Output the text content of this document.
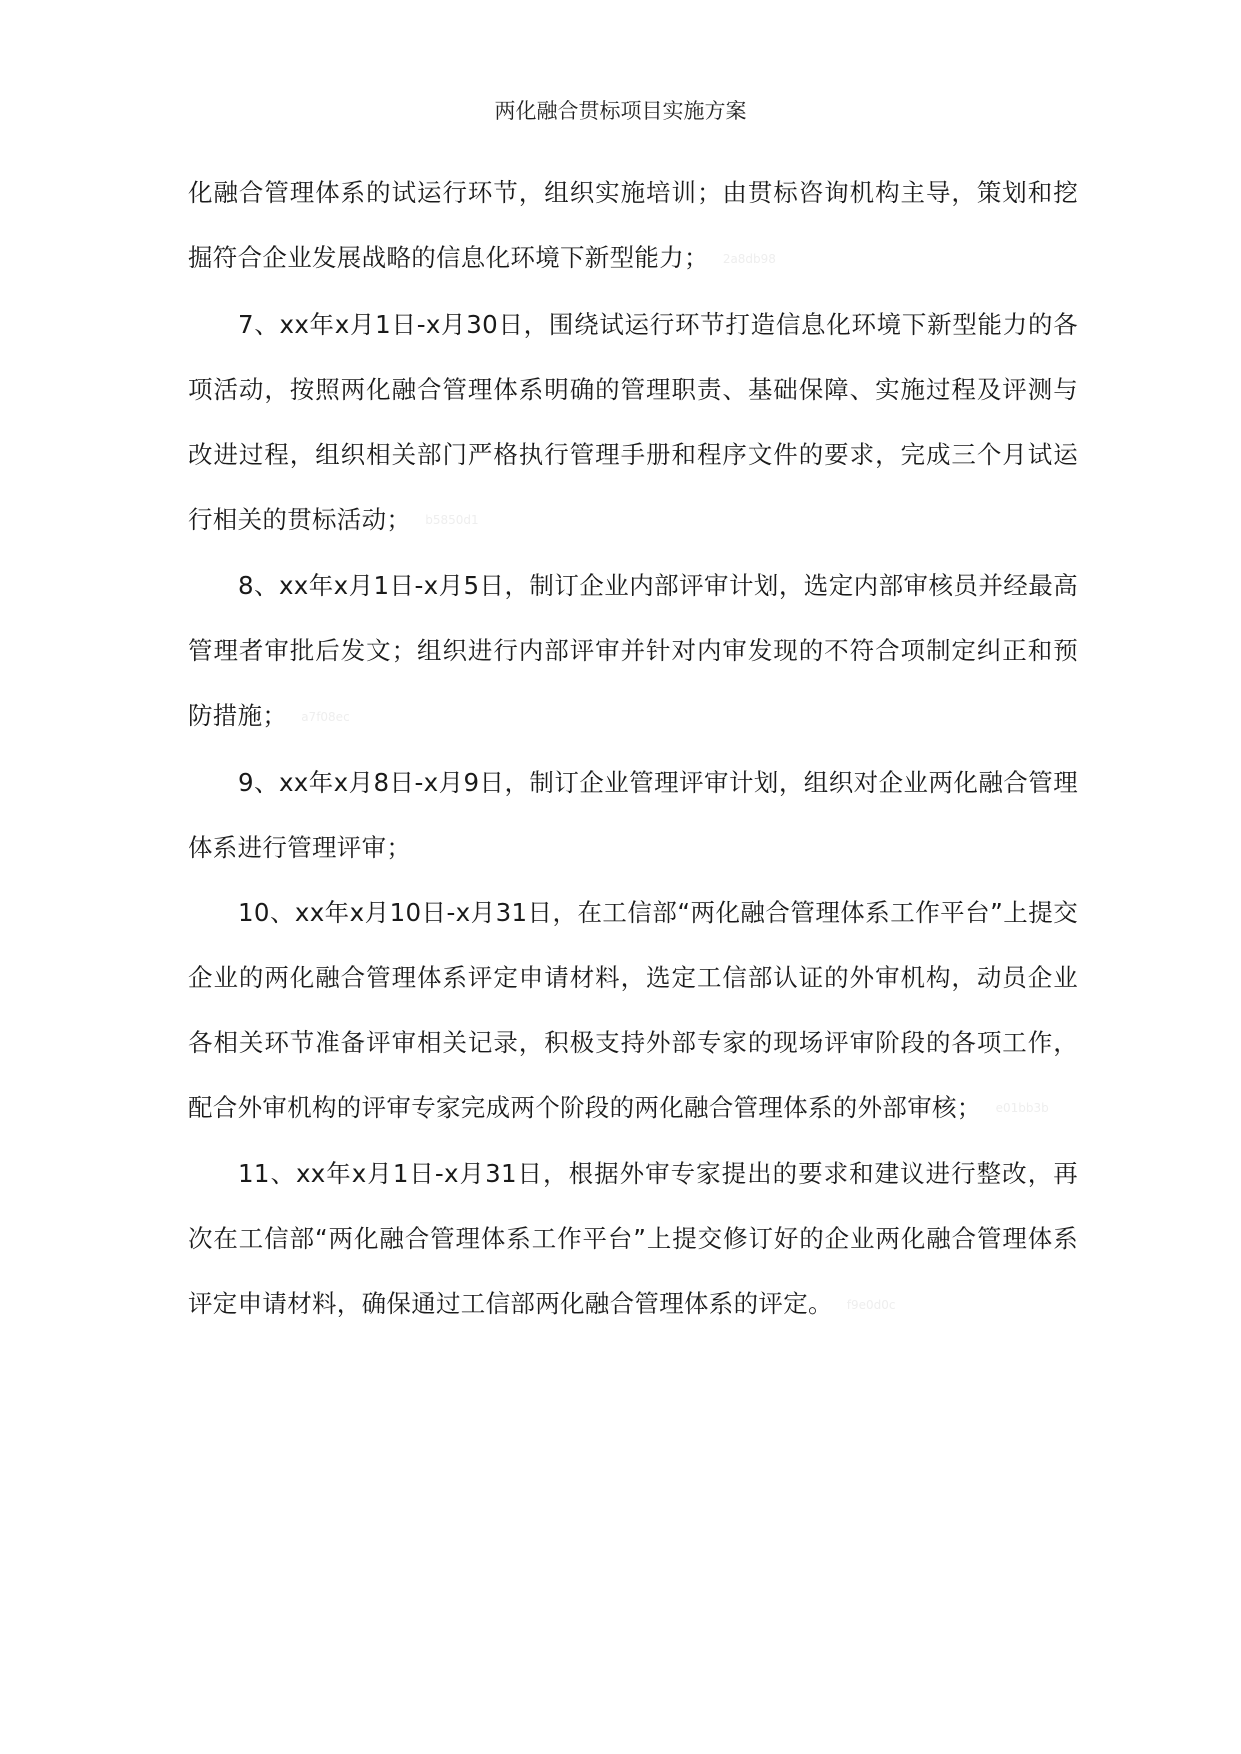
两化融合贯标项目实施方案

化融合管理体系的试运行环节，组织实施培训；由贯标咨询机构主导，策划和挖掘符合企业发展战略的信息化环境下新型能力； 2a8db98

7、xx年x月1日-x月30日，围绕试运行环节打造信息化环境下新型能力的各项活动，按照两化融合管理体系明确的管理职责、基础保障、实施过程及评测与改进过程，组织相关部门严格执行管理手册和程序文件的要求，完成三个月试运行相关的贯标活动； b5850d1

8、xx年x月1日-x月5日，制订企业内部评审计划，选定内部审核员并经最高管理者审批后发文；组织进行内部评审并针对内审发现的不符合项制定纠正和预防措施； a7f08ec

9、xx年x月8日-x月9日，制订企业管理评审计划，组织对企业两化融合管理体系进行管理评审；

10、xx年x月10日-x月31日，在工信部“两化融合管理体系工作平台”上提交企业的两化融合管理体系评定申请材料，选定工信部认证的外审机构，动员企业各相关环节准备评审相关记录，积极支持外部专家的现场评审阶段的各项工作，配合外审机构的评审专家完成两个阶段的两化融合管理体系的外部审核； e01bb3b

11、xx年x月1日-x月31日，根据外审专家提出的要求和建议进行整改，再次在工信部“两化融合管理体系工作平台”上提交修订好的企业两化融合管理体系评定申请材料，确保通过工信部两化融合管理体系的评定。 f9e0d0c
